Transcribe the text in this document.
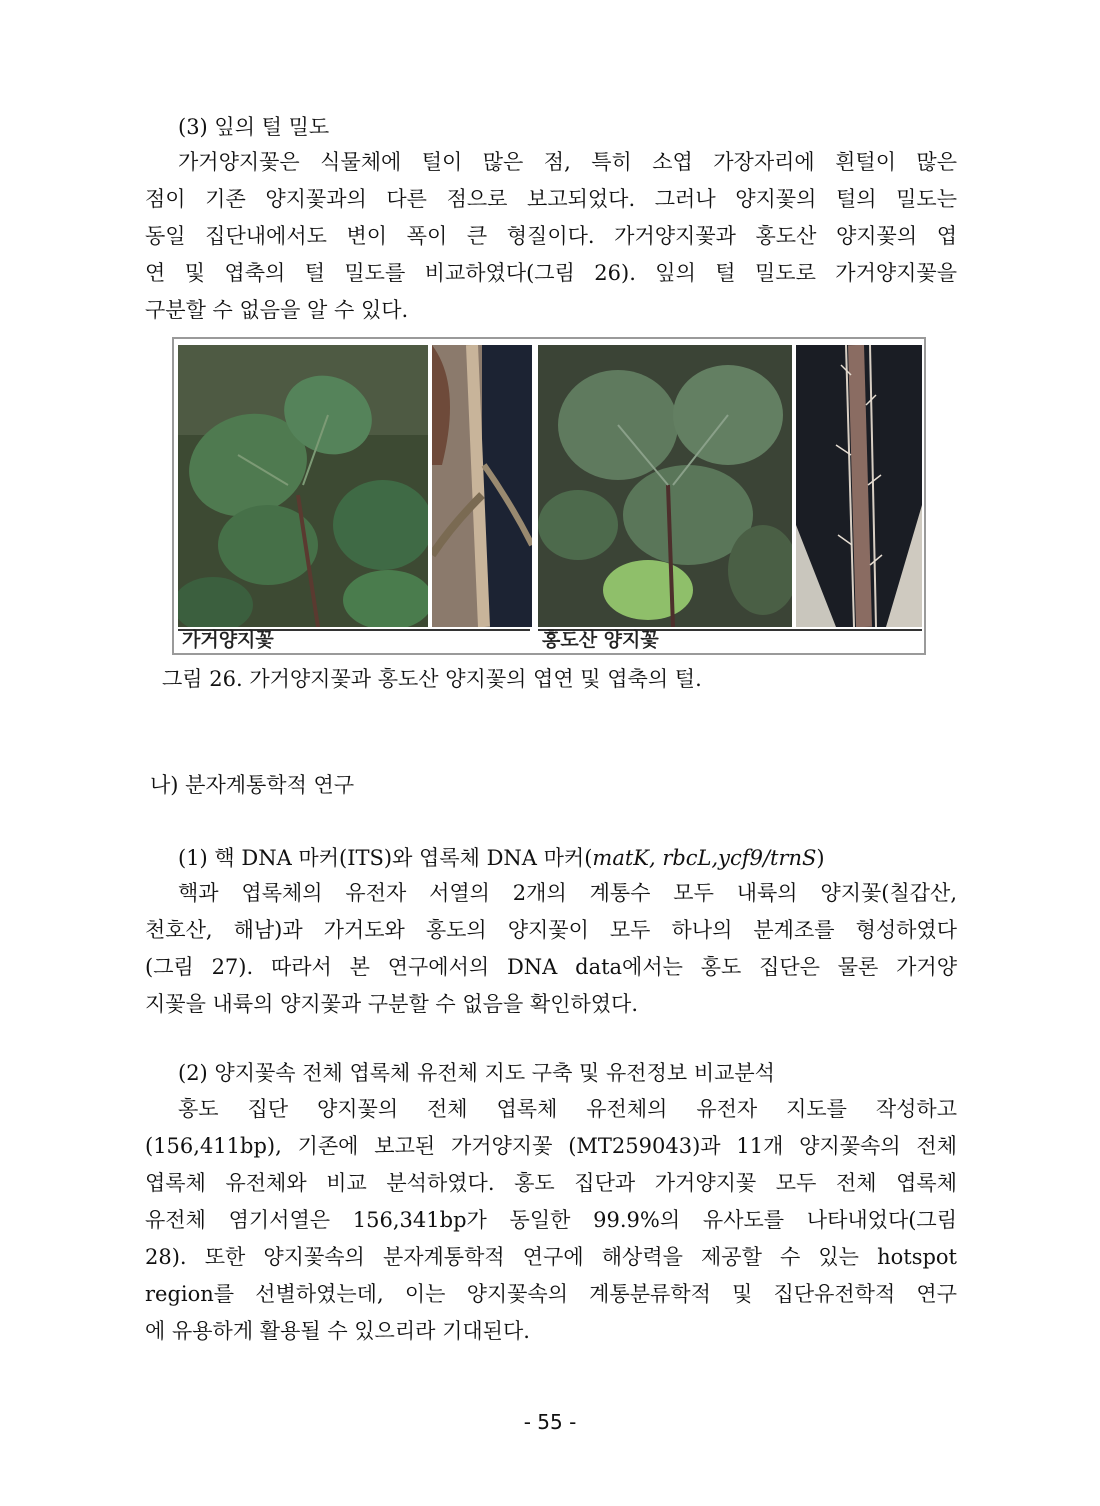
(3) 잎의 털 밀도
가거양지꽃은 식물체에 털이 많은 점, 특히 소엽 가장자리에 흰털이 많은
점이 기존 양지꽃과의 다른 점으로 보고되었다. 그러나 양지꽃의 털의 밀도는
동일 집단내에서도 변이 폭이 큰 형질이다. 가거양지꽃과 홍도산 양지꽃의 엽
연 및 엽축의 털 밀도를 비교하였다(그림 26). 잎의 털 밀도로 가거양지꽃을
구분할 수 없음을 알 수 있다.
가거양지꽃	홍도산 양지꽃
그림 26. 가거양지꽃과 홍도산 양지꽃의 엽연 및 엽축의 털.
나) 분자계통학적 연구
(1) 핵 DNA 마커(ITS)와 엽록체 DNA 마커(matK, rbcL,ycf9/trnS)
핵과 엽록체의 유전자 서열의 2개의 계통수 모두 내륙의 양지꽃(칠갑산,
천호산, 해남)과 가거도와 홍도의 양지꽃이 모두 하나의 분계조를 형성하였다
(그림 27). 따라서 본 연구에서의 DNA data에서는 홍도 집단은 물론 가거양
지꽃을 내륙의 양지꽃과 구분할 수 없음을 확인하였다.
(2) 양지꽃속 전체 엽록체 유전체 지도 구축 및 유전정보 비교분석
홍도 집단 양지꽃의 전체 엽록체 유전체의 유전자 지도를 작성하고
(156,411bp), 기존에 보고된 가거양지꽃 (MT259043)과 11개 양지꽃속의 전체
엽록체 유전체와 비교 분석하였다. 홍도 집단과 가거양지꽃 모두 전체 엽록체
유전체 염기서열은 156,341bp가 동일한 99.9%의 유사도를 나타내었다(그림
28). 또한 양지꽃속의 분자계통학적 연구에 해상력을 제공할 수 있는 hotspot
region를 선별하였는데, 이는 양지꽃속의 계통분류학적 및 집단유전학적 연구
에 유용하게 활용될 수 있으리라 기대된다.
- 55 -
